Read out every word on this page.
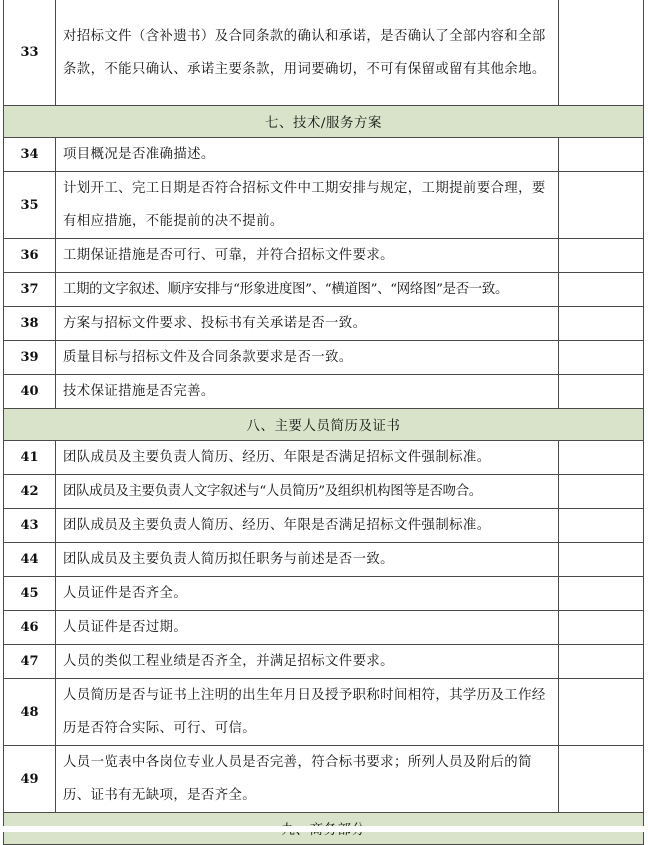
33	对招标文件（含补遗书）及合同条款的确认和承诺，是否确认了全部内容和全部条款，不能只确认、承诺主要条款，用词要确切，不可有保留或留有其他余地。	
七、技术/服务方案		
34	项目概况是否准确描述。	
35	计划开工、完工日期是否符合招标文件中工期安排与规定，工期提前要合理，要有相应措施，不能提前的决不提前。	
36	工期保证措施是否可行、可靠，并符合招标文件要求。	
37	工期的文字叙述、顺序安排与“形象进度图”、“横道图”、“网络图”是否一致。	
38	方案与招标文件要求、投标书有关承诺是否一致。	
39	质量目标与招标文件及合同条款要求是否一致。	
40	技术保证措施是否完善。	
八、主要人员简历及证书		
41	团队成员及主要负责人简历、经历、年限是否满足招标文件强制标准。	
42	团队成员及主要负责人文字叙述与“人员简历”及组织机构图等是否吻合。	
43	团队成员及主要负责人简历、经历、年限是否满足招标文件强制标准。	
44	团队成员及主要负责人简历拟任职务与前述是否一致。	
45	人员证件是否齐全。	
46	人员证件是否过期。	
47	人员的类似工程业绩是否齐全，并满足招标文件要求。	
48	人员简历是否与证书上注明的出生年月日及授予职称时间相符，其学历及工作经历是否符合实际、可行、可信。	
49	人员一览表中各岗位专业人员是否完善，符合标书要求；所列人员及附后的简历、证书有无缺项，是否齐全。	
